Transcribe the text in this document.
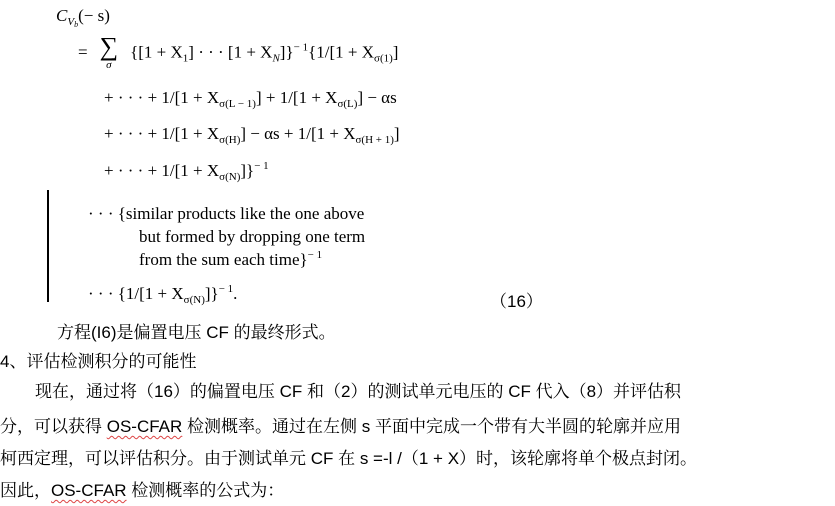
$C_{V_b}(- s)$
= ∑
σ
{$[1 + X_1]$ · · · $[1 + X_N]\}^{- 1}\{1/[1 + X_{\sigma(1)}]$
+ · · · + $1/[1 + X_{\sigma(L - 1)}] + 1/[1 + X_{\sigma(L)}] - \alpha s$
+ · · · + $1/[1 + X_{\sigma(H)}] - \alpha s + 1/[1 + X_{\sigma(H + 1)}]$
+ · · · + $1/[1 + X_{\sigma(N)}]\}^{- 1}$
· · · {similar products like the one above
but formed by dropping one term
from the sum each time}$^{- 1}$
· · · $\{1/[1 + X_{\sigma(N)}]\}^{- 1}$.	（16）
方程(I6)是偏置电压 CF 的最终形式。
4、评估检测积分的可能性
现在，通过将（16）的偏置电压 CF 和（2）的测试单元电压的 CF 代入（8）并评估积
分，可以获得 OS-CFAR 检测概率。通过在左侧 s 平面中完成一个带有大半圆的轮廓并应用
柯西定理，可以评估积分。由于测试单元 CF 在 s =-l /（1 + X）时，该轮廓将单个极点封闭。
因此，OS-CFAR 检测概率的公式为：
